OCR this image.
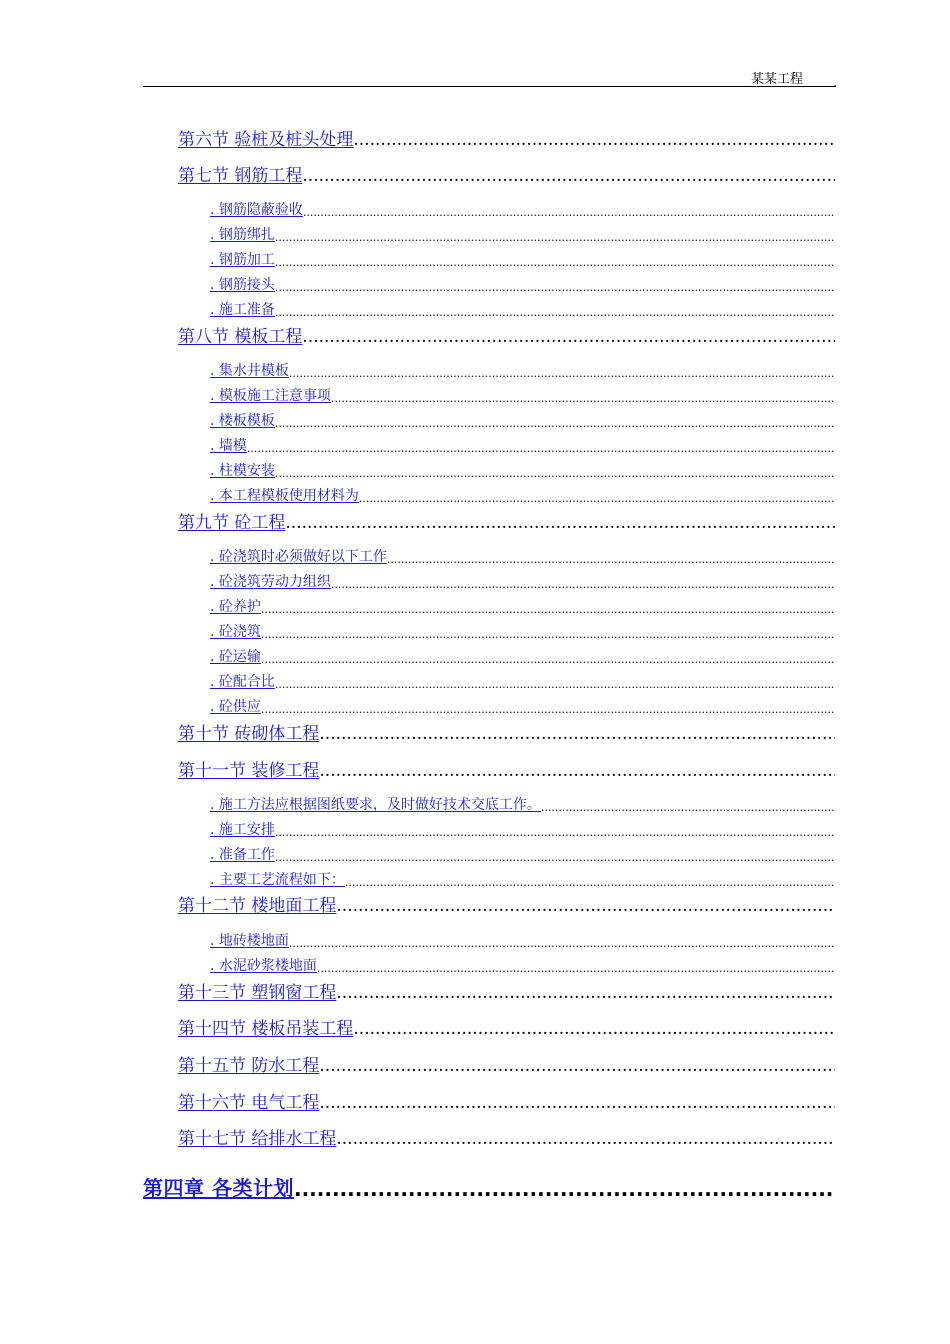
某某工程 .
第六节 验桩及桩头处理
.....
第七节 钢筋工程
.....
. 钢筋隐蔽验收
.....
. 钢筋绑扎
.....
. 钢筋加工
.....
. 钢筋接头
.....
. 施工准备
.....
第八节 模板工程
.....
. 集水井模板
.....
. 模板施工注意事项
.....
. 楼板模板
.....
. 墙模
.....
. 柱模安装
.....
. 本工程模板使用材料为
.....
第九节 砼工程
.....
. 砼浇筑时必须做好以下工作
.....
. 砼浇筑劳动力组织
.....
. 砼养护
.....
. 砼浇筑
.....
. 砼运输
.....
. 砼配合比
.....
. 砼供应
.....
第十节 砖砌体工程
.....
第十一节 装修工程
.....
. 施工方法应根据图纸要求，及时做好技术交底工作。
.....
. 施工安排
.....
. 准备工作
.....
. 主要工艺流程如下：
.....
第十二节 楼地面工程
.....
. 地砖楼地面
.....
. 水泥砂浆楼地面
.....
第十三节 塑钢窗工程
.....
第十四节 楼板吊装工程
.....
第十五节 防水工程
.....
第十六节 电气工程
.....
第十七节 给排水工程
.....
第四章 各类计划
.....
